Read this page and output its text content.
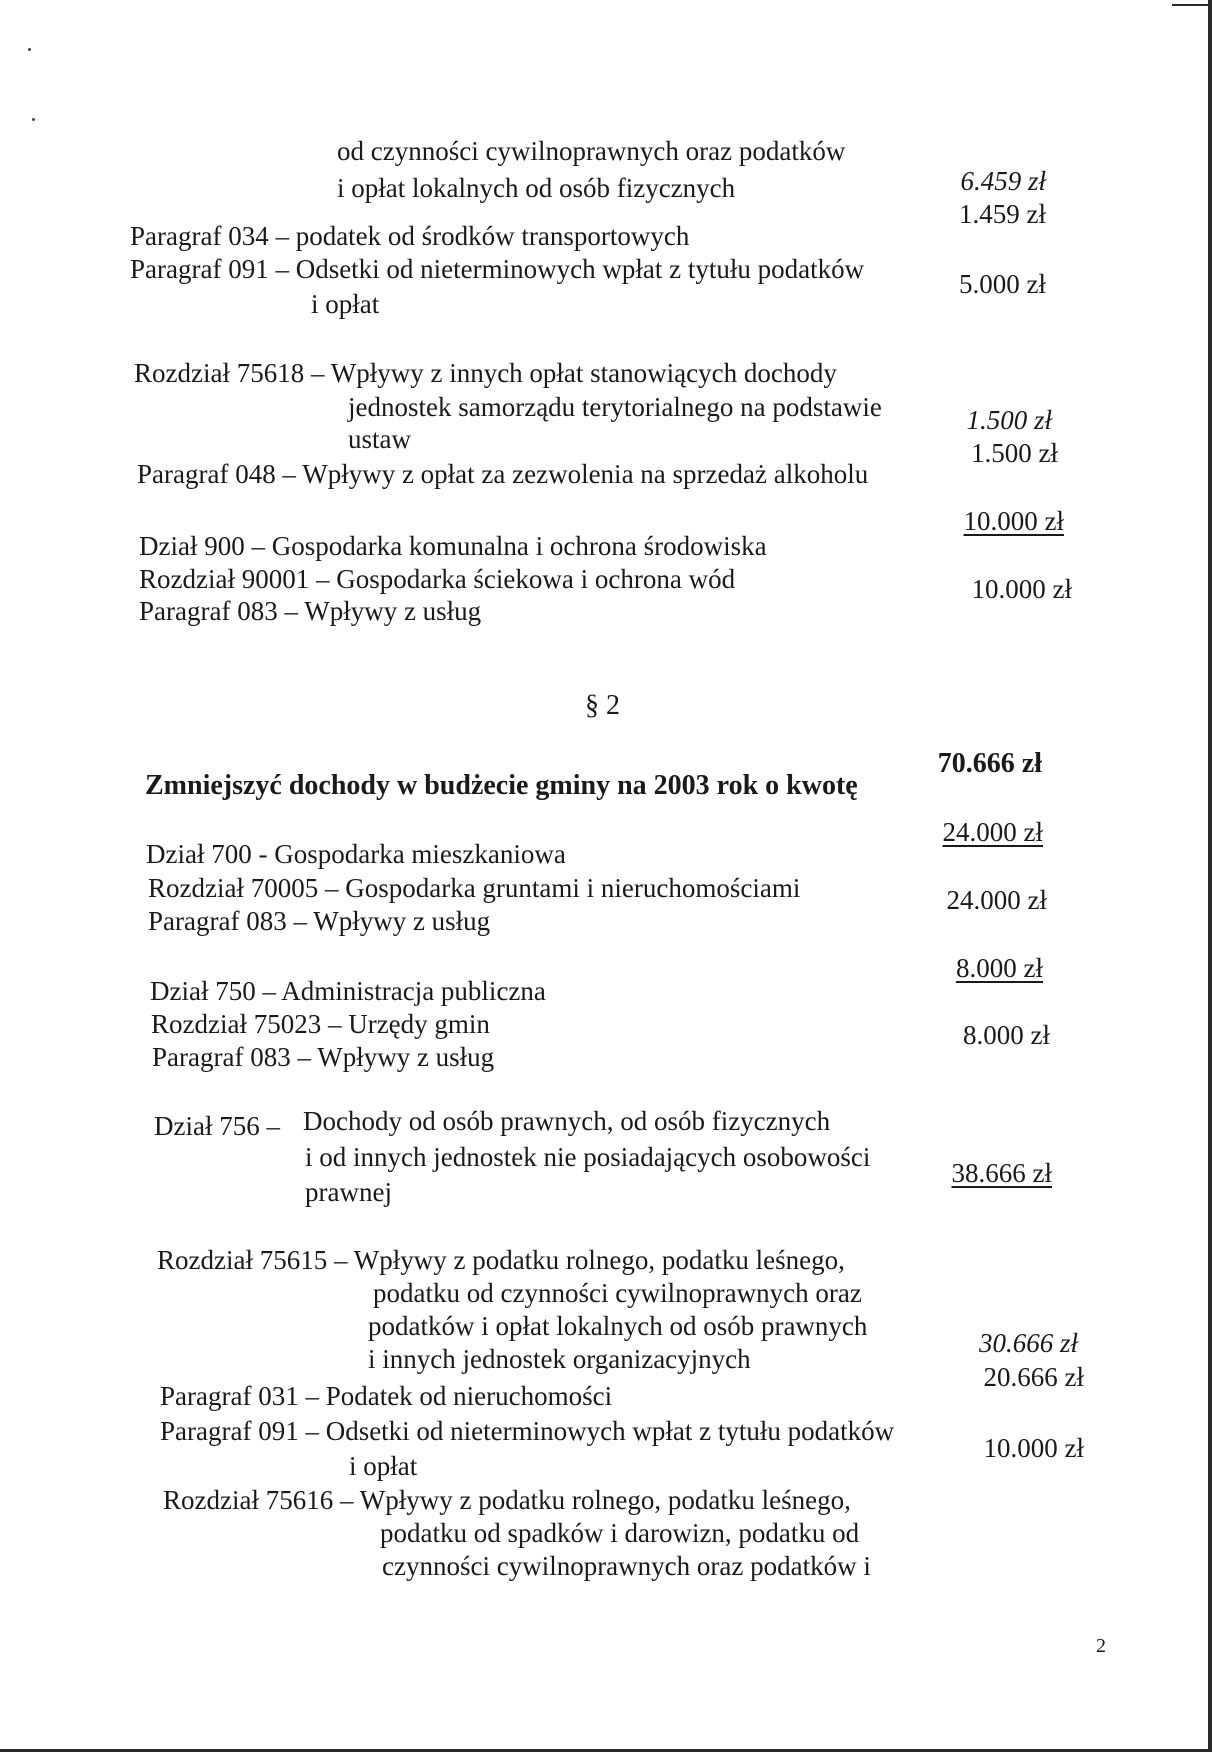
od czynności cywilnoprawnych oraz podatków
i opłat lokalnych od osób fizycznych	6.459 zł
Paragraf 034 – podatek od środków transportowych
1.459 zł
Paragraf 091 – Odsetki od nieterminowych wpłat z tytułu podatków
i opłat
5.000 zł
Rozdział 75618 – Wpływy z innych opłat stanowiących dochody
jednostek samorządu terytorialnego na podstawie
ustaw
1.500 zł
Paragraf 048 – Wpływy z opłat za zezwolenia na sprzedaż alkoholu
1.500 zł
Dział 900 – Gospodarka komunalna i ochrona środowiska
10.000 zł
Rozdział 90001 – Gospodarka ściekowa i ochrona wód
Paragraf 083 – Wpływy z usług
10.000 zł
§ 2
Zmniejszyć dochody w budżecie gminy na 2003 rok o kwotę
70.666 zł
Dział 700 - Gospodarka mieszkaniowa
24.000 zł
Rozdział 70005 – Gospodarka gruntami i nieruchomościami
Paragraf 083 – Wpływy z usług
24.000 zł
Dział 750 – Administracja publiczna
8.000 zł
Rozdział 75023 – Urzędy gmin
Paragraf 083 – Wpływy z usług
8.000 zł
Dział 756 – Dochody od osób prawnych, od osób fizycznych
i od innych jednostek nie posiadających osobowości
prawnej
38.666 zł
Rozdział 75615 – Wpływy z podatku rolnego, podatku leśnego,
podatku od czynności cywilnoprawnych oraz
podatków i opłat lokalnych od osób prawnych
i innych jednostek organizacyjnych
30.666 zł
Paragraf 031 – Podatek od nieruchomości
20.666 zł
Paragraf 091 – Odsetki od nieterminowych wpłat z tytułu podatków
i opłat
10.000 zł
Rozdział 75616 – Wpływy z podatku rolnego, podatku leśnego,
podatku od spadków i darowizn, podatku od
czynności cywilnoprawnych oraz podatków i
2
